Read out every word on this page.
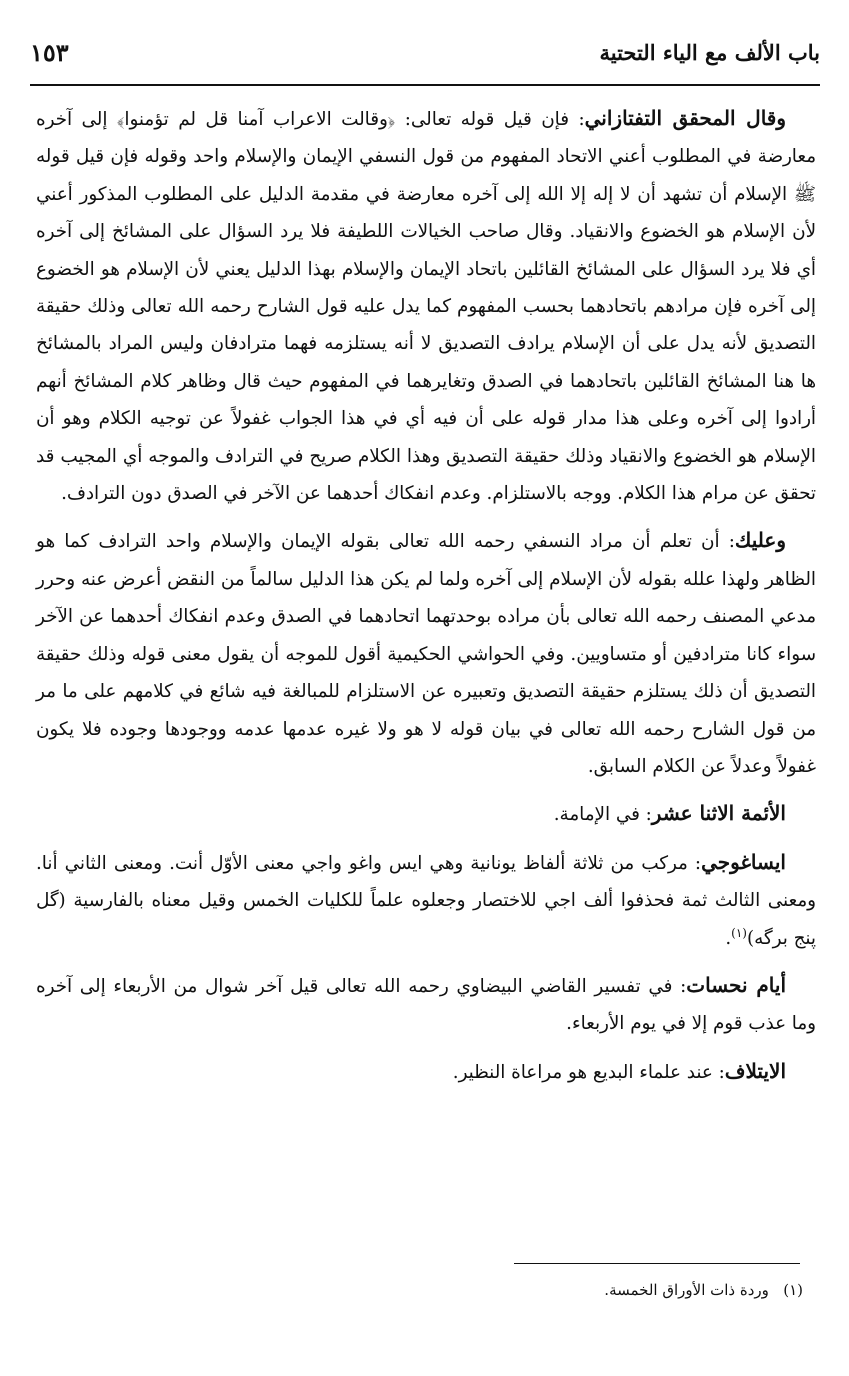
باب الألف مع الياء التحتية
١٥٣

وقال المحقق التفتازاني: فإن قيل قوله تعالى: ﴿وقالت الاعراب آمنا قل لم تؤمنوا﴾ إلى آخره معارضة في المطلوب أعني الاتحاد المفهوم من قول النسفي الإيمان والإسلام واحد وقوله فإن قيل قوله ﷺ الإسلام أن تشهد أن لا إله إلا الله إلى آخره معارضة في مقدمة الدليل على المطلوب المذكور أعني لأن الإسلام هو الخضوع والانقياد. وقال صاحب الخيالات اللطيفة فلا يرد السؤال على المشائخ إلى آخره أي فلا يرد السؤال على المشائخ القائلين باتحاد الإيمان والإسلام بهذا الدليل يعني لأن الإسلام هو الخضوع إلى آخره فإن مرادهم باتحادهما بحسب المفهوم كما يدل عليه قول الشارح رحمه الله تعالى وذلك حقيقة التصديق لأنه يدل على أن الإسلام يرادف التصديق لا أنه يستلزمه فهما مترادفان وليس المراد بالمشائخ ها هنا المشائخ القائلين باتحادهما في الصدق وتغايرهما في المفهوم حيث قال وظاهر كلام المشائخ أنهم أرادوا إلى آخره وعلى هذا مدار قوله على أن فيه أي في هذا الجواب غفولاً عن توجيه الكلام وهو أن الإسلام هو الخضوع والانقياد وذلك حقيقة التصديق وهذا الكلام صريح في الترادف والموجه أي المجيب قد تحقق عن مرام هذا الكلام. ووجه بالاستلزام. وعدم انفكاك أحدهما عن الآخر في الصدق دون الترادف.

وعليك: أن تعلم أن مراد النسفي رحمه الله تعالى بقوله الإيمان والإسلام واحد الترادف كما هو الظاهر ولهذا علله بقوله لأن الإسلام إلى آخره ولما لم يكن هذا الدليل سالماً من النقض أعرض عنه وحرر مدعي المصنف رحمه الله تعالى بأن مراده بوحدتهما اتحادهما في الصدق وعدم انفكاك أحدهما عن الآخر سواء كانا مترادفين أو متساويين. وفي الحواشي الحكيمية أقول للموجه أن يقول معنى قوله وذلك حقيقة التصديق أن ذلك يستلزم حقيقة التصديق وتعبيره عن الاستلزام للمبالغة فيه شائع في كلامهم على ما مر من قول الشارح رحمه الله تعالى في بيان قوله لا هو ولا غيره عدمها عدمه ووجودها وجوده فلا يكون غفولاً وعدلاً عن الكلام السابق.

الأئمة الاثنا عشر: في الإمامة.

ايساغوجي: مركب من ثلاثة ألفاظ يونانية وهي ايس واغو واجي معنى الأوّل أنت. ومعنى الثاني أنا. ومعنى الثالث ثمة فحذفوا ألف اجي للاختصار وجعلوه علماً للكليات الخمس وقيل معناه بالفارسية (گل پنج برگه)$^{(١)}$.

أيام نحسات: في تفسير القاضي البيضاوي رحمه الله تعالى قيل آخر شوال من الأربعاء إلى آخره وما عذب قوم إلا في يوم الأربعاء.

الايتلاف: عند علماء البديع هو مراعاة النظير.

(١)   وردة ذات الأوراق الخمسة.
